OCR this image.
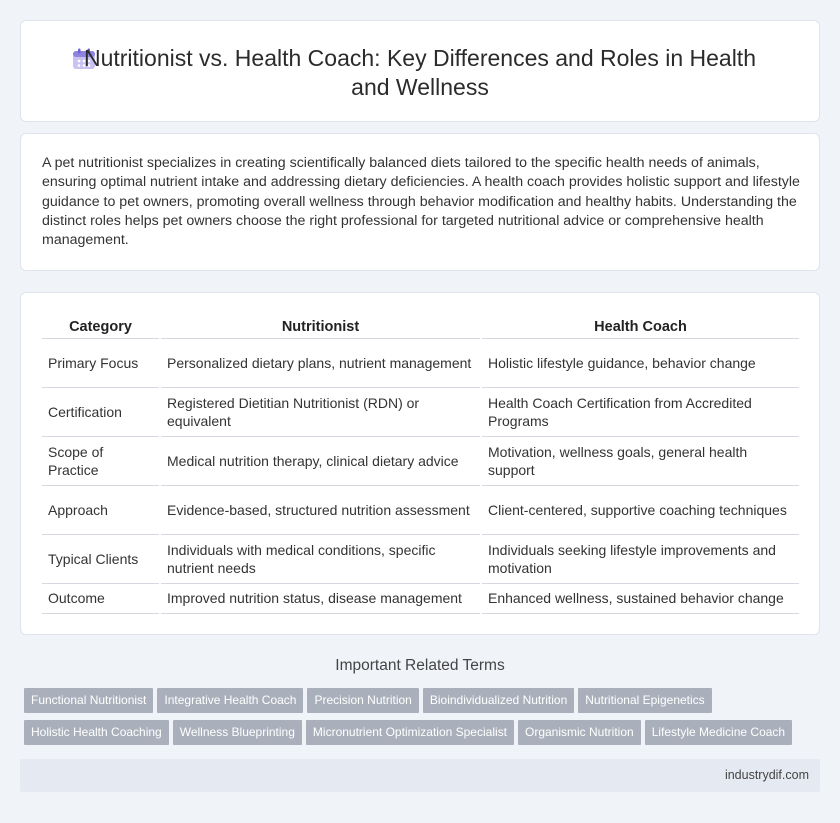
Nutritionist vs. Health Coach: Key Differences and Roles in Health and Wellness

A pet nutritionist specializes in creating scientifically balanced diets tailored to the specific health needs of animals, ensuring optimal nutrient intake and addressing dietary deficiencies. A health coach provides holistic support and lifestyle guidance to pet owners, promoting overall wellness through behavior modification and healthy habits. Understanding the distinct roles helps pet owners choose the right professional for targeted nutritional advice or comprehensive health management.

Category	Nutritionist	Health Coach
Primary Focus	Personalized dietary plans, nutrient management	Holistic lifestyle guidance, behavior change
Certification	Registered Dietitian Nutritionist (RDN) or equivalent	Health Coach Certification from Accredited Programs
Scope of Practice	Medical nutrition therapy, clinical dietary advice	Motivation, wellness goals, general health support
Approach	Evidence-based, structured nutrition assessment	Client-centered, supportive coaching techniques
Typical Clients	Individuals with medical conditions, specific nutrient needs	Individuals seeking lifestyle improvements and motivation
Outcome	Improved nutrition status, disease management	Enhanced wellness, sustained behavior change
Important Related Terms
Functional Nutritionist Integrative Health Coach Precision Nutrition Bioindividualized Nutrition Nutritional Epigenetics
Holistic Health Coaching Wellness Blueprinting Micronutrient Optimization Specialist Organismic Nutrition Lifestyle Medicine Coach
industrydif.com
